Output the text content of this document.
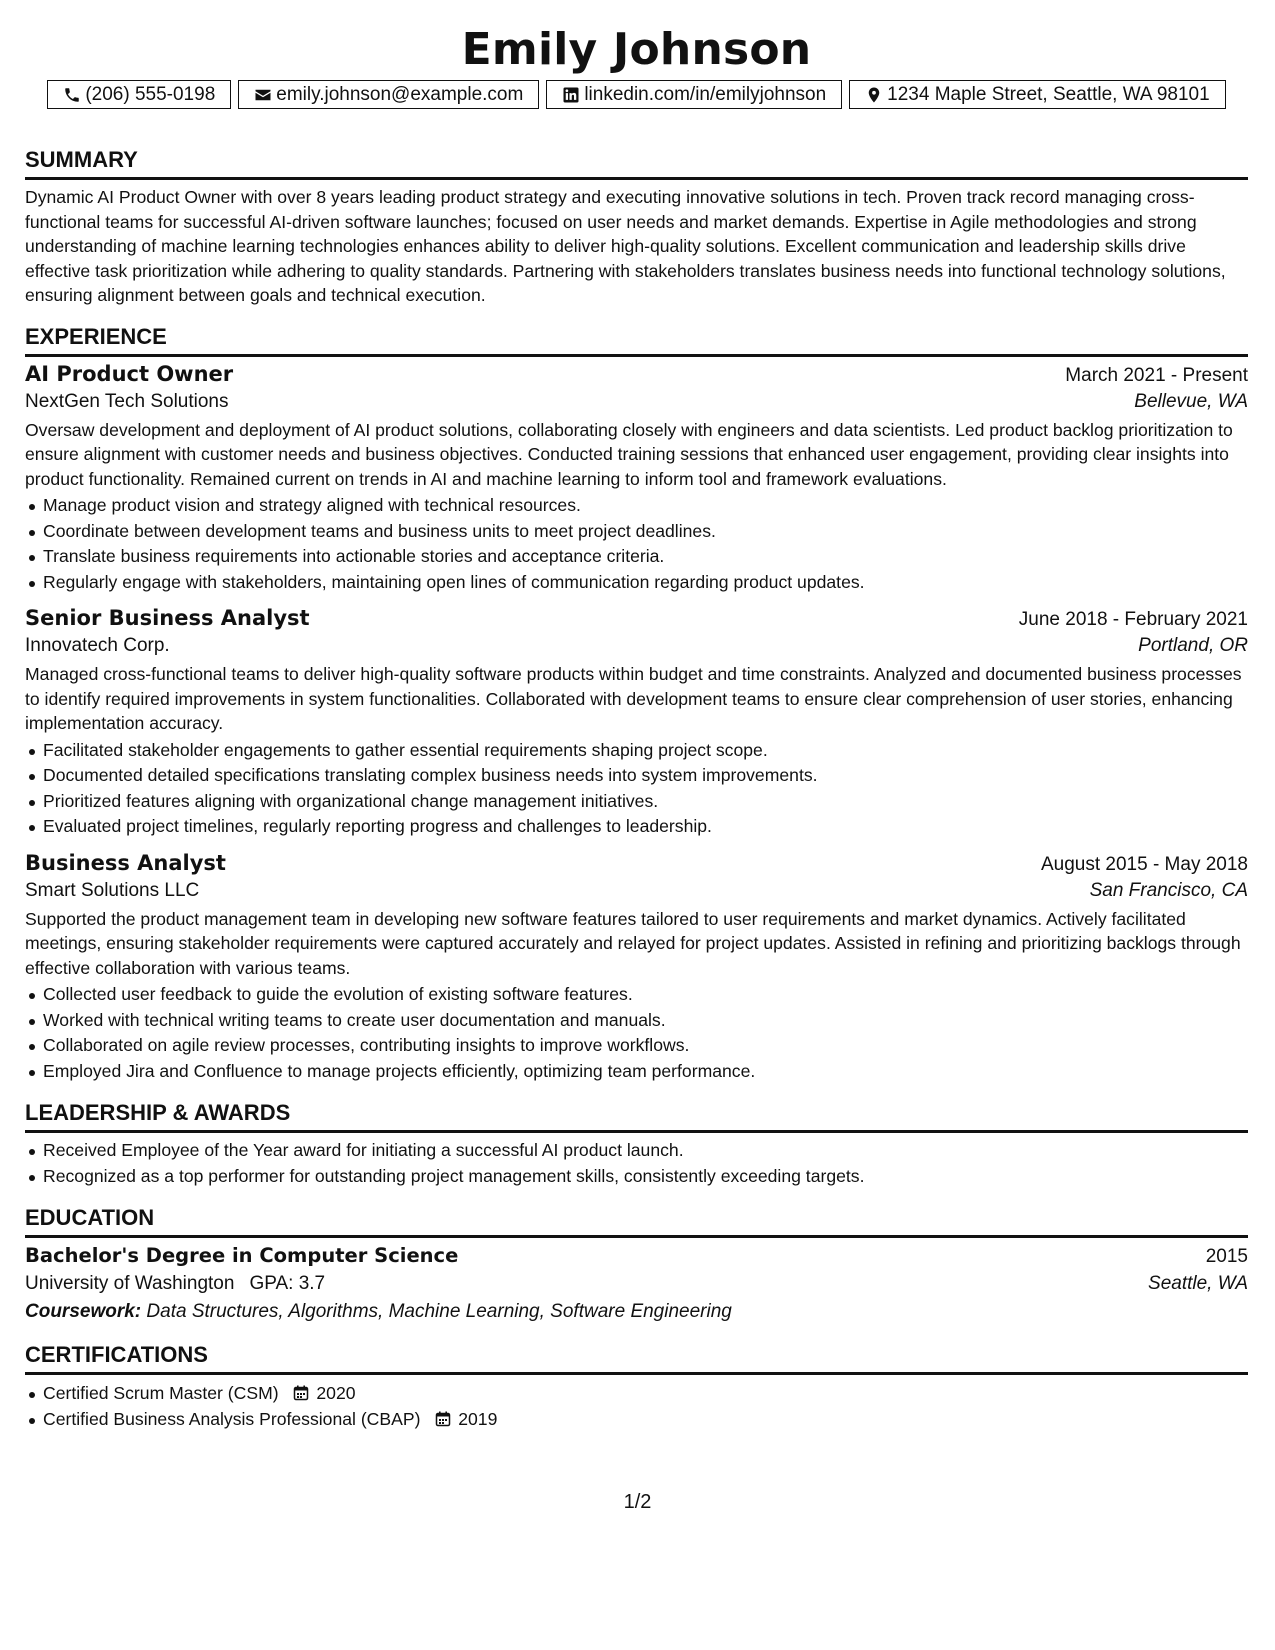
Emily Johnson
(206) 555-0198	emily.johnson@example.com	linkedin.com/in/emilyjohnson	1234 Maple Street, Seattle, WA 98101
SUMMARY
Dynamic AI Product Owner with over 8 years leading product strategy and executing innovative solutions in tech. Proven track record managing cross-functional teams for successful AI-driven software launches; focused on user needs and market demands. Expertise in Agile methodologies and strong understanding of machine learning technologies enhances ability to deliver high-quality solutions. Excellent communication and leadership skills drive effective task prioritization while adhering to quality standards. Partnering with stakeholders translates business needs into functional technology solutions, ensuring alignment between goals and technical execution.
EXPERIENCE
AI Product Owner	March 2021 - Present
NextGen Tech Solutions	Bellevue, WA
Oversaw development and deployment of AI product solutions, collaborating closely with engineers and data scientists. Led product backlog prioritization to ensure alignment with customer needs and business objectives. Conducted training sessions that enhanced user engagement, providing clear insights into product functionality. Remained current on trends in AI and machine learning to inform tool and framework evaluations.
Manage product vision and strategy aligned with technical resources.
Coordinate between development teams and business units to meet project deadlines.
Translate business requirements into actionable stories and acceptance criteria.
Regularly engage with stakeholders, maintaining open lines of communication regarding product updates.
Senior Business Analyst	June 2018 - February 2021
Innovatech Corp.	Portland, OR
Managed cross-functional teams to deliver high-quality software products within budget and time constraints. Analyzed and documented business processes to identify required improvements in system functionalities. Collaborated with development teams to ensure clear comprehension of user stories, enhancing implementation accuracy.
Facilitated stakeholder engagements to gather essential requirements shaping project scope.
Documented detailed specifications translating complex business needs into system improvements.
Prioritized features aligning with organizational change management initiatives.
Evaluated project timelines, regularly reporting progress and challenges to leadership.
Business Analyst	August 2015 - May 2018
Smart Solutions LLC	San Francisco, CA
Supported the product management team in developing new software features tailored to user requirements and market dynamics. Actively facilitated meetings, ensuring stakeholder requirements were captured accurately and relayed for project updates. Assisted in refining and prioritizing backlogs through effective collaboration with various teams.
Collected user feedback to guide the evolution of existing software features.
Worked with technical writing teams to create user documentation and manuals.
Collaborated on agile review processes, contributing insights to improve workflows.
Employed Jira and Confluence to manage projects efficiently, optimizing team performance.
LEADERSHIP & AWARDS
Received Employee of the Year award for initiating a successful AI product launch.
Recognized as a top performer for outstanding project management skills, consistently exceeding targets.
EDUCATION
Bachelor's Degree in Computer Science	2015
University of Washington GPA: 3.7	Seattle, WA
Coursework: Data Structures, Algorithms, Machine Learning, Software Engineering
CERTIFICATIONS
Certified Scrum Master (CSM) 2020
Certified Business Analysis Professional (CBAP) 2019
1/2
